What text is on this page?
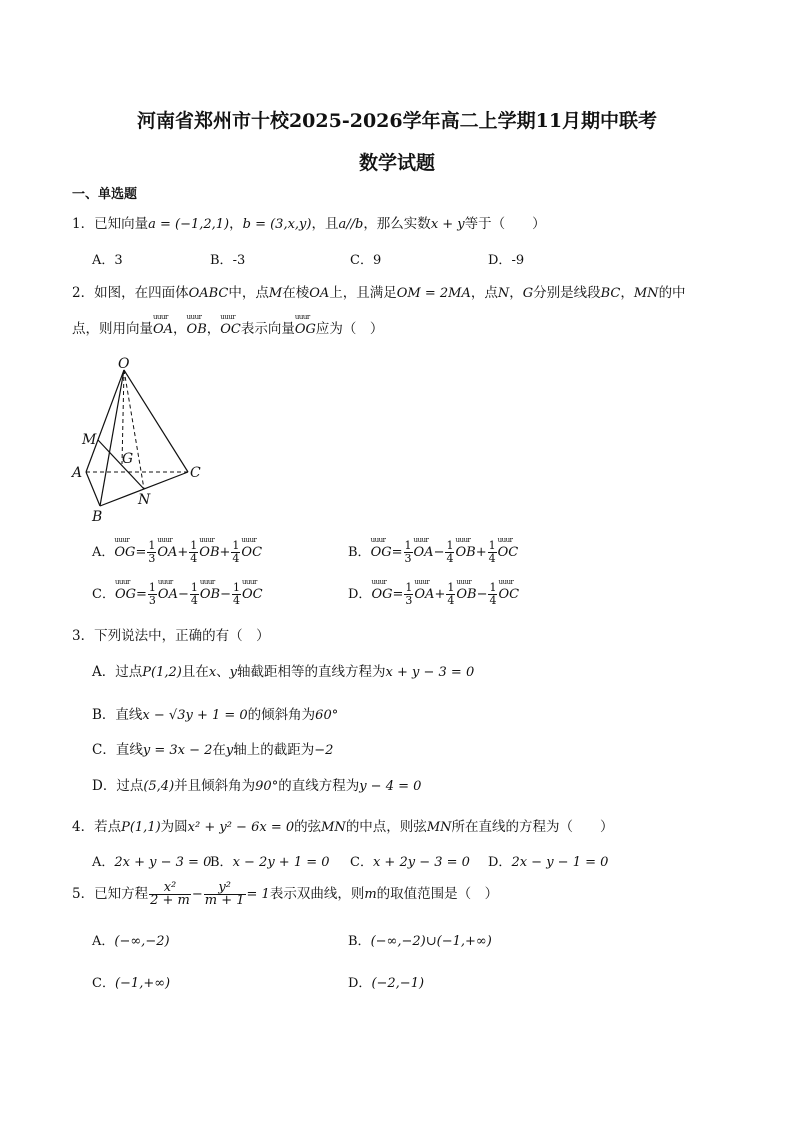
河南省郑州市十校2025-2026学年高二上学期11月期中联考
数学试题
一、单选题
1．已知向量a = (−1,2,1)，b = (3,x,y)，且a//b，那么实数x + y等于（　　）
A．3	B．-3	C．9	D．-9
2．如图，在四面体OABC中，点M在棱OA上，且满足OM = 2MA，点N，G分别是线段BC，MN的中
点，则用向量uuur OA，uuur OB，uuur OC表示向量uuur OG应为（　）
O
M
G
A	C
N
B
A．uuur $OG= \frac{1}{3}$ uuur $OA+ \frac{1}{4}$ uuur $OB+ \frac{1}{4}$ uuur OC	B．uuur $OG= \frac{1}{3}$ uuur $OA- \frac{1}{4}$ uuur $OB+ \frac{1}{4}$ uuur OC
C．uuur $OG= \frac{1}{3}$ uuur $OA- \frac{1}{4}$ uuur $OB- \frac{1}{4}$ uuur OC	D．uuur $OG= \frac{1}{3}$ uuur $OA+ \frac{1}{4}$ uuur $OB- \frac{1}{4}$ uuur OC
3．下列说法中，正确的有（　）
A．过点P(1,2)且在x、y轴截距相等的直线方程为x + y − 3 = 0
B．直线x − √3y + 1 = 0的倾斜角为60°
C．直线y = 3x − 2在y轴上的截距为−2
D．过点(5,4)并且倾斜角为90°的直线方程为y − 4 = 0
4．若点P(1,1)为圆x² + y² − 6x = 0的弦MN的中点，则弦MN所在直线的方程为（　　）
A．2x + y − 3 = 0
B．x − 2y + 1 = 0 C．x + 2y − 3 = 0 D．2x − y − 1 = 0
5．已知方程 $\frac{\text{x²}}{2 + m} - \frac{\text{y²}}{m + 1} = 1$表示双曲线，则m的取值范围是（　）
A．(−∞,−2)	B．(−∞,−2)∪(−1,+∞)
C．(−1,+∞)	D．(−2,−1)
